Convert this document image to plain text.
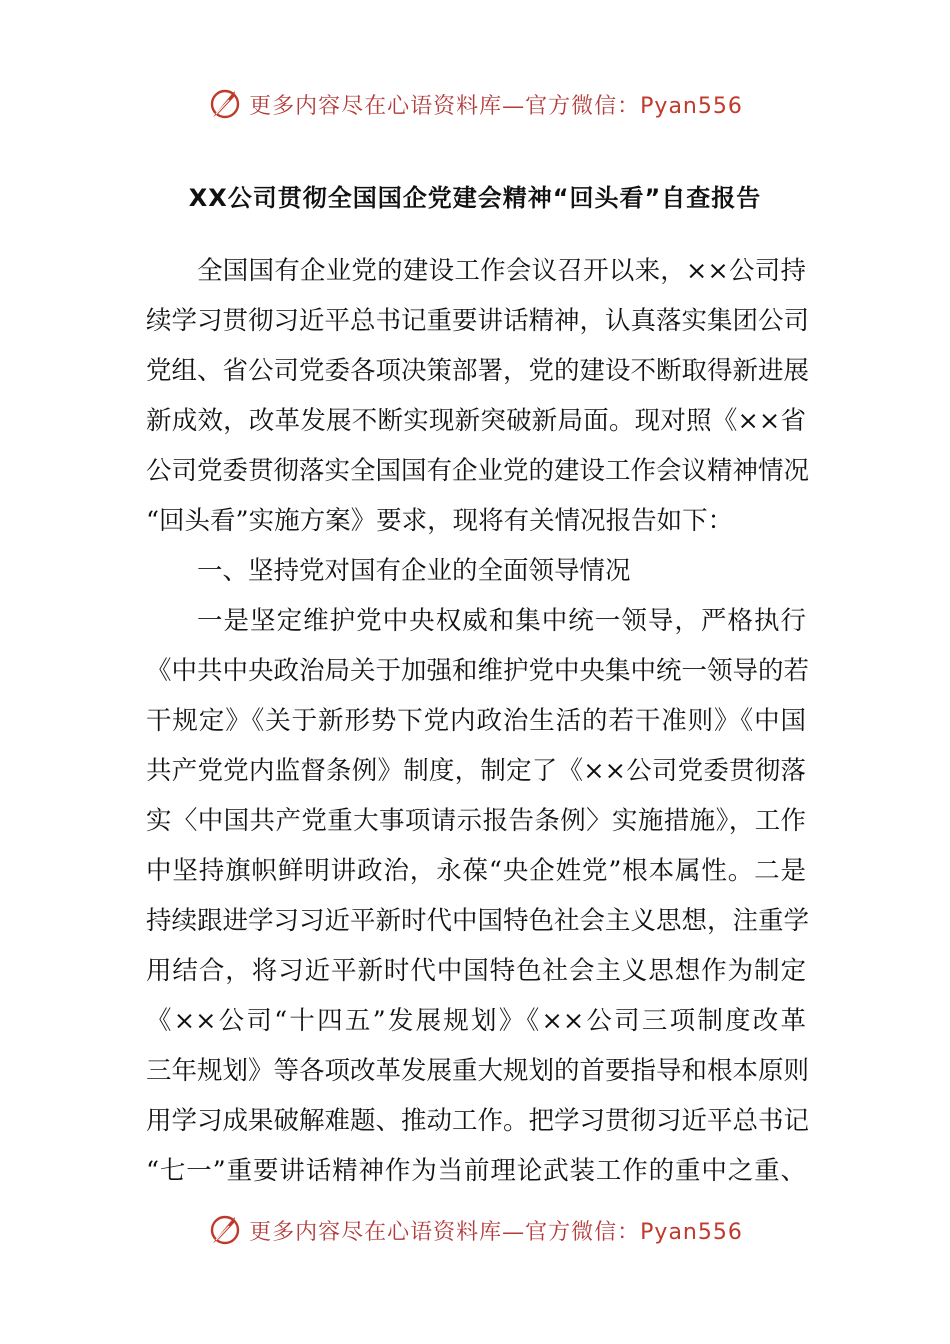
更多内容尽在心语资料库—官方微信：Pyan556
XX公司贯彻全国国企党建会精神“回头看”自查报告
全国国有企业党的建设工作会议召开以来，××公司持
续学习贯彻习近平总书记重要讲话精神，认真落实集团公司
党组、省公司党委各项决策部署，党的建设不断取得新进展
新成效，改革发展不断实现新突破新局面。现对照《××省
公司党委贯彻落实全国国有企业党的建设工作会议精神情况
“回头看”实施方案》要求，现将有关情况报告如下：
一、坚持党对国有企业的全面领导情况
一是坚定维护党中央权威和集中统一领导，严格执行
《中共中央政治局关于加强和维护党中央集中统一领导的若
干规定》《关于新形势下党内政治生活的若干准则》《中国
共产党党内监督条例》制度，制定了《××公司党委贯彻落
实〈中国共产党重大事项请示报告条例〉实施措施》，工作
中坚持旗帜鲜明讲政治，永葆“央企姓党”根本属性。二是
持续跟进学习习近平新时代中国特色社会主义思想，注重学
用结合，将习近平新时代中国特色社会主义思想作为制定
《××公司“十四五”发展规划》《××公司三项制度改革
三年规划》等各项改革发展重大规划的首要指导和根本原则
用学习成果破解难题、推动工作。把学习贯彻习近平总书记
“七一”重要讲话精神作为当前理论武装工作的重中之重、
更多内容尽在心语资料库—官方微信：Pyan556
